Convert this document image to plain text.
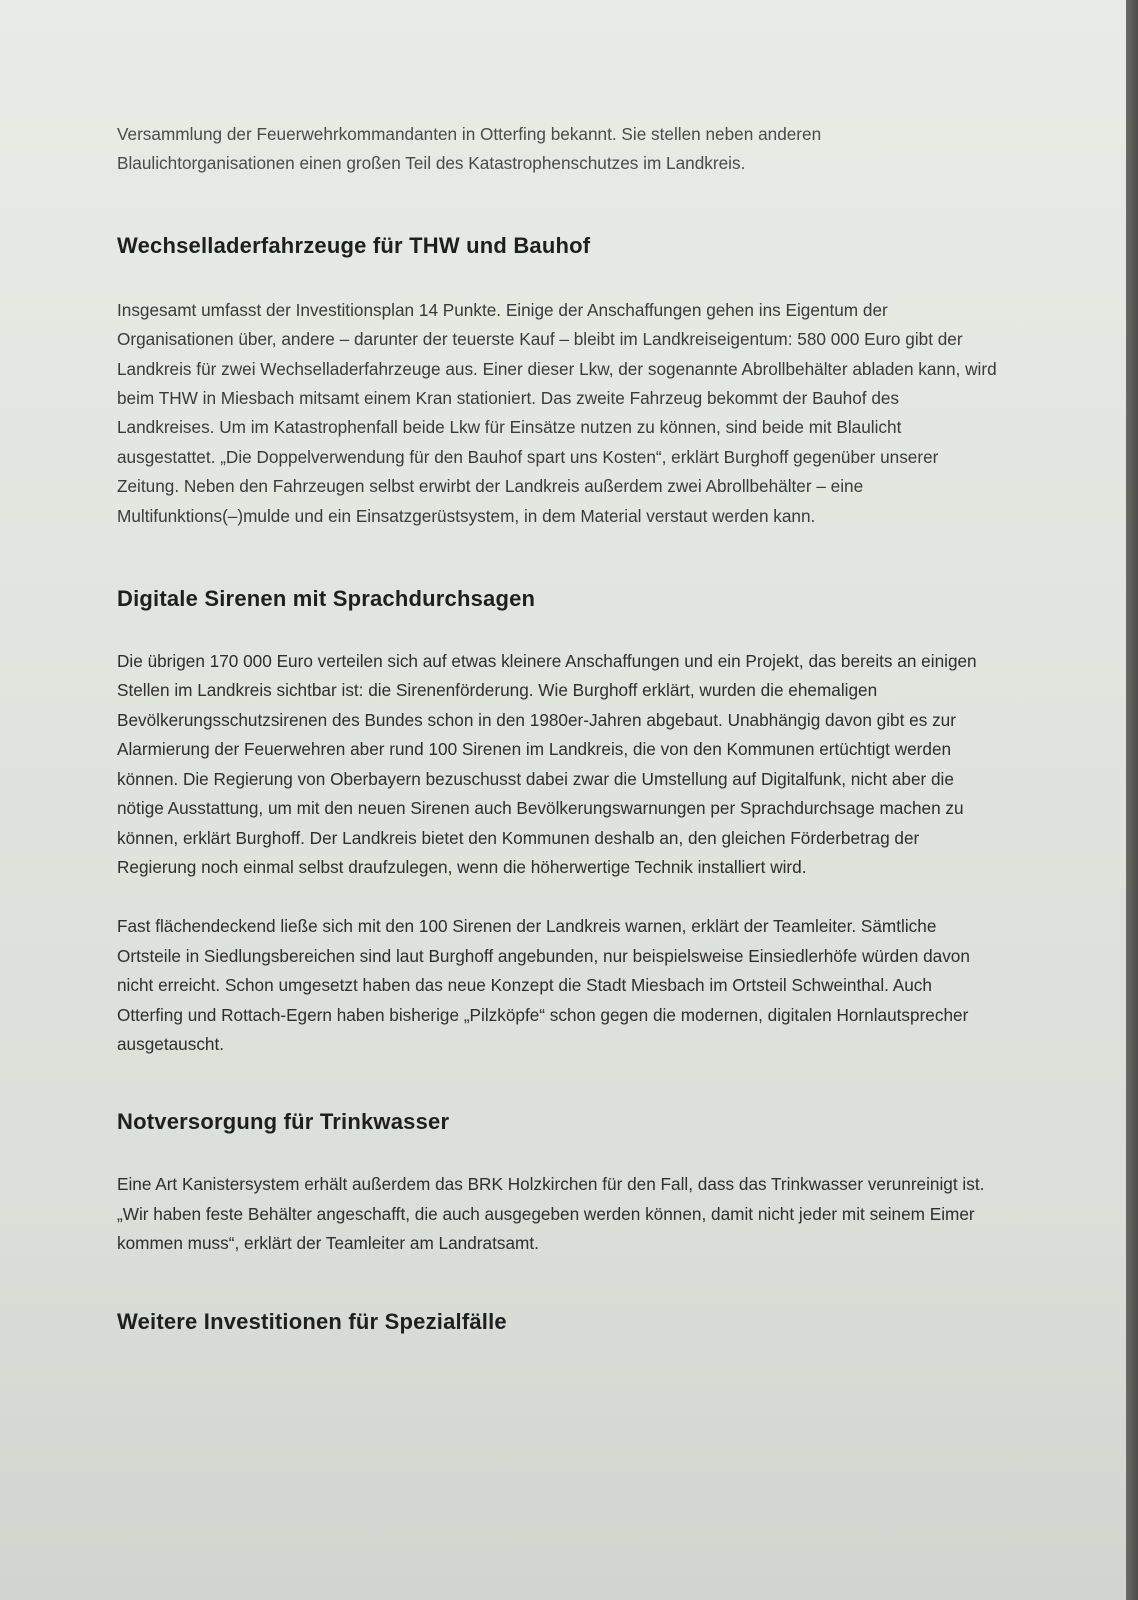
Versammlung der Feuerwehrkommandanten in Otterfing bekannt. Sie stellen neben anderen Blaulichtorganisationen einen großen Teil des Katastrophenschutzes im Landkreis.

Wechselladerfahrzeuge für THW und Bauhof

Insgesamt umfasst der Investitionsplan 14 Punkte. Einige der Anschaffungen gehen ins Eigentum der Organisationen über, andere – darunter der teuerste Kauf – bleibt im Landkreiseigentum: 580 000 Euro gibt der Landkreis für zwei Wechselladerfahrzeuge aus. Einer dieser Lkw, der sogenannte Abrollbehälter abladen kann, wird beim THW in Miesbach mitsamt einem Kran stationiert. Das zweite Fahrzeug bekommt der Bauhof des Landkreises. Um im Katastrophenfall beide Lkw für Einsätze nutzen zu können, sind beide mit Blaulicht ausgestattet. „Die Doppelverwendung für den Bauhof spart uns Kosten“, erklärt Burghoff gegenüber unserer Zeitung. Neben den Fahrzeugen selbst erwirbt der Landkreis außerdem zwei Abrollbehälter – eine Multifunktions(–)mulde und ein Einsatzgerüstsystem, in dem Material verstaut werden kann.

Digitale Sirenen mit Sprachdurchsagen

Die übrigen 170 000 Euro verteilen sich auf etwas kleinere Anschaffungen und ein Projekt, das bereits an einigen Stellen im Landkreis sichtbar ist: die Sirenenförderung. Wie Burghoff erklärt, wurden die ehemaligen Bevölkerungsschutzsirenen des Bundes schon in den 1980er-Jahren abgebaut. Unabhängig davon gibt es zur Alarmierung der Feuerwehren aber rund 100 Sirenen im Landkreis, die von den Kommunen ertüchtigt werden können. Die Regierung von Oberbayern bezuschusst dabei zwar die Umstellung auf Digitalfunk, nicht aber die nötige Ausstattung, um mit den neuen Sirenen auch Bevölkerungswarnungen per Sprachdurchsage machen zu können, erklärt Burghoff. Der Landkreis bietet den Kommunen deshalb an, den gleichen Förderbetrag der Regierung noch einmal selbst draufzulegen, wenn die höherwertige Technik installiert wird.

Fast flächendeckend ließe sich mit den 100 Sirenen der Landkreis warnen, erklärt der Teamleiter. Sämtliche Ortsteile in Siedlungsbereichen sind laut Burghoff angebunden, nur beispielsweise Einsiedlerhöfe würden davon nicht erreicht. Schon umgesetzt haben das neue Konzept die Stadt Miesbach im Ortsteil Schweinthal. Auch Otterfing und Rottach-Egern haben bisherige „Pilzköpfe“ schon gegen die modernen, digitalen Hornlautsprecher ausgetauscht.

Notversorgung für Trinkwasser

Eine Art Kanistersystem erhält außerdem das BRK Holzkirchen für den Fall, dass das Trinkwasser verunreinigt ist. „Wir haben feste Behälter angeschafft, die auch ausgegeben werden können, damit nicht jeder mit seinem Eimer kommen muss“, erklärt der Teamleiter am Landratsamt.

Weitere Investitionen für Spezialfälle
